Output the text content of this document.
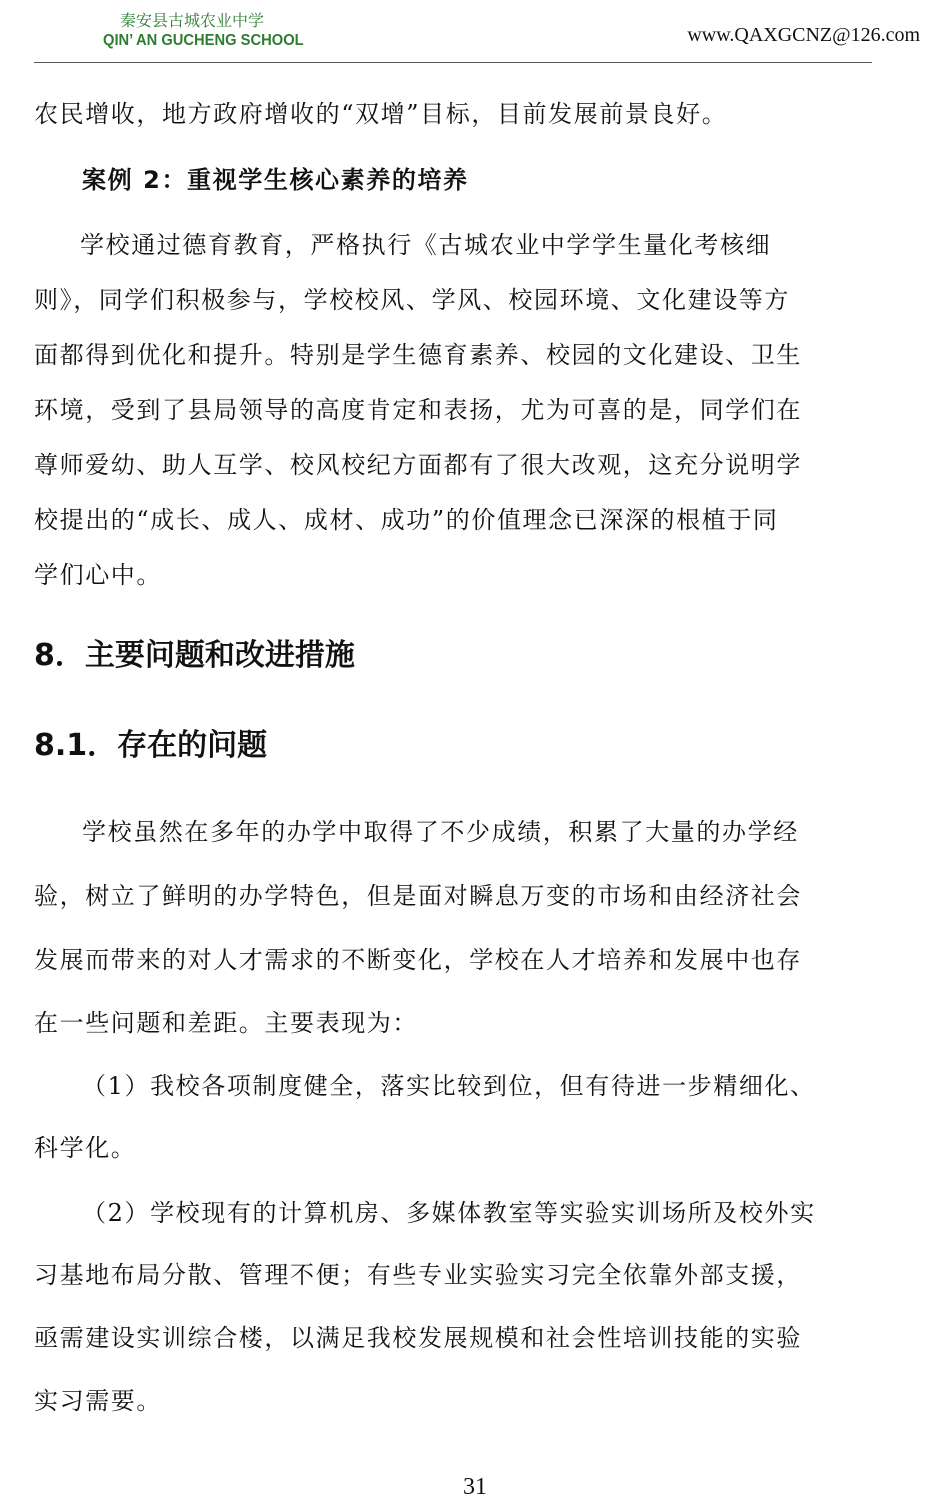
秦安县古城农业中学
QIN’ AN GUCHENG SCHOOL	www.QAXGCNZ@126.com

农民增收，地方政府增收的“双增”目标，目前发展前景良好。

案例 2：重视学生核心素养的培养

学校通过德育教育，严格执行《古城农业中学学生量化考核细

则》，同学们积极参与，学校校风、学风、校园环境、文化建设等方

面都得到优化和提升。特别是学生德育素养、校园的文化建设、卫生

环境，受到了县局领导的高度肯定和表扬，尤为可喜的是，同学们在

尊师爱幼、助人互学、校风校纪方面都有了很大改观，这充分说明学

校提出的“成长、成人、成材、成功”的价值理念已深深的根植于同

学们心中。

8．主要问题和改进措施
8.1．存在的问题

学校虽然在多年的办学中取得了不少成绩，积累了大量的办学经

验，树立了鲜明的办学特色，但是面对瞬息万变的市场和由经济社会

发展而带来的对人才需求的不断变化，学校在人才培养和发展中也存

在一些问题和差距。主要表现为：

（1）我校各项制度健全，落实比较到位，但有待进一步精细化、

科学化。

（2）学校现有的计算机房、多媒体教室等实验实训场所及校外实

习基地布局分散、管理不便；有些专业实验实习完全依靠外部支援，

亟需建设实训综合楼，以满足我校发展规模和社会性培训技能的实验

实习需要。

31
